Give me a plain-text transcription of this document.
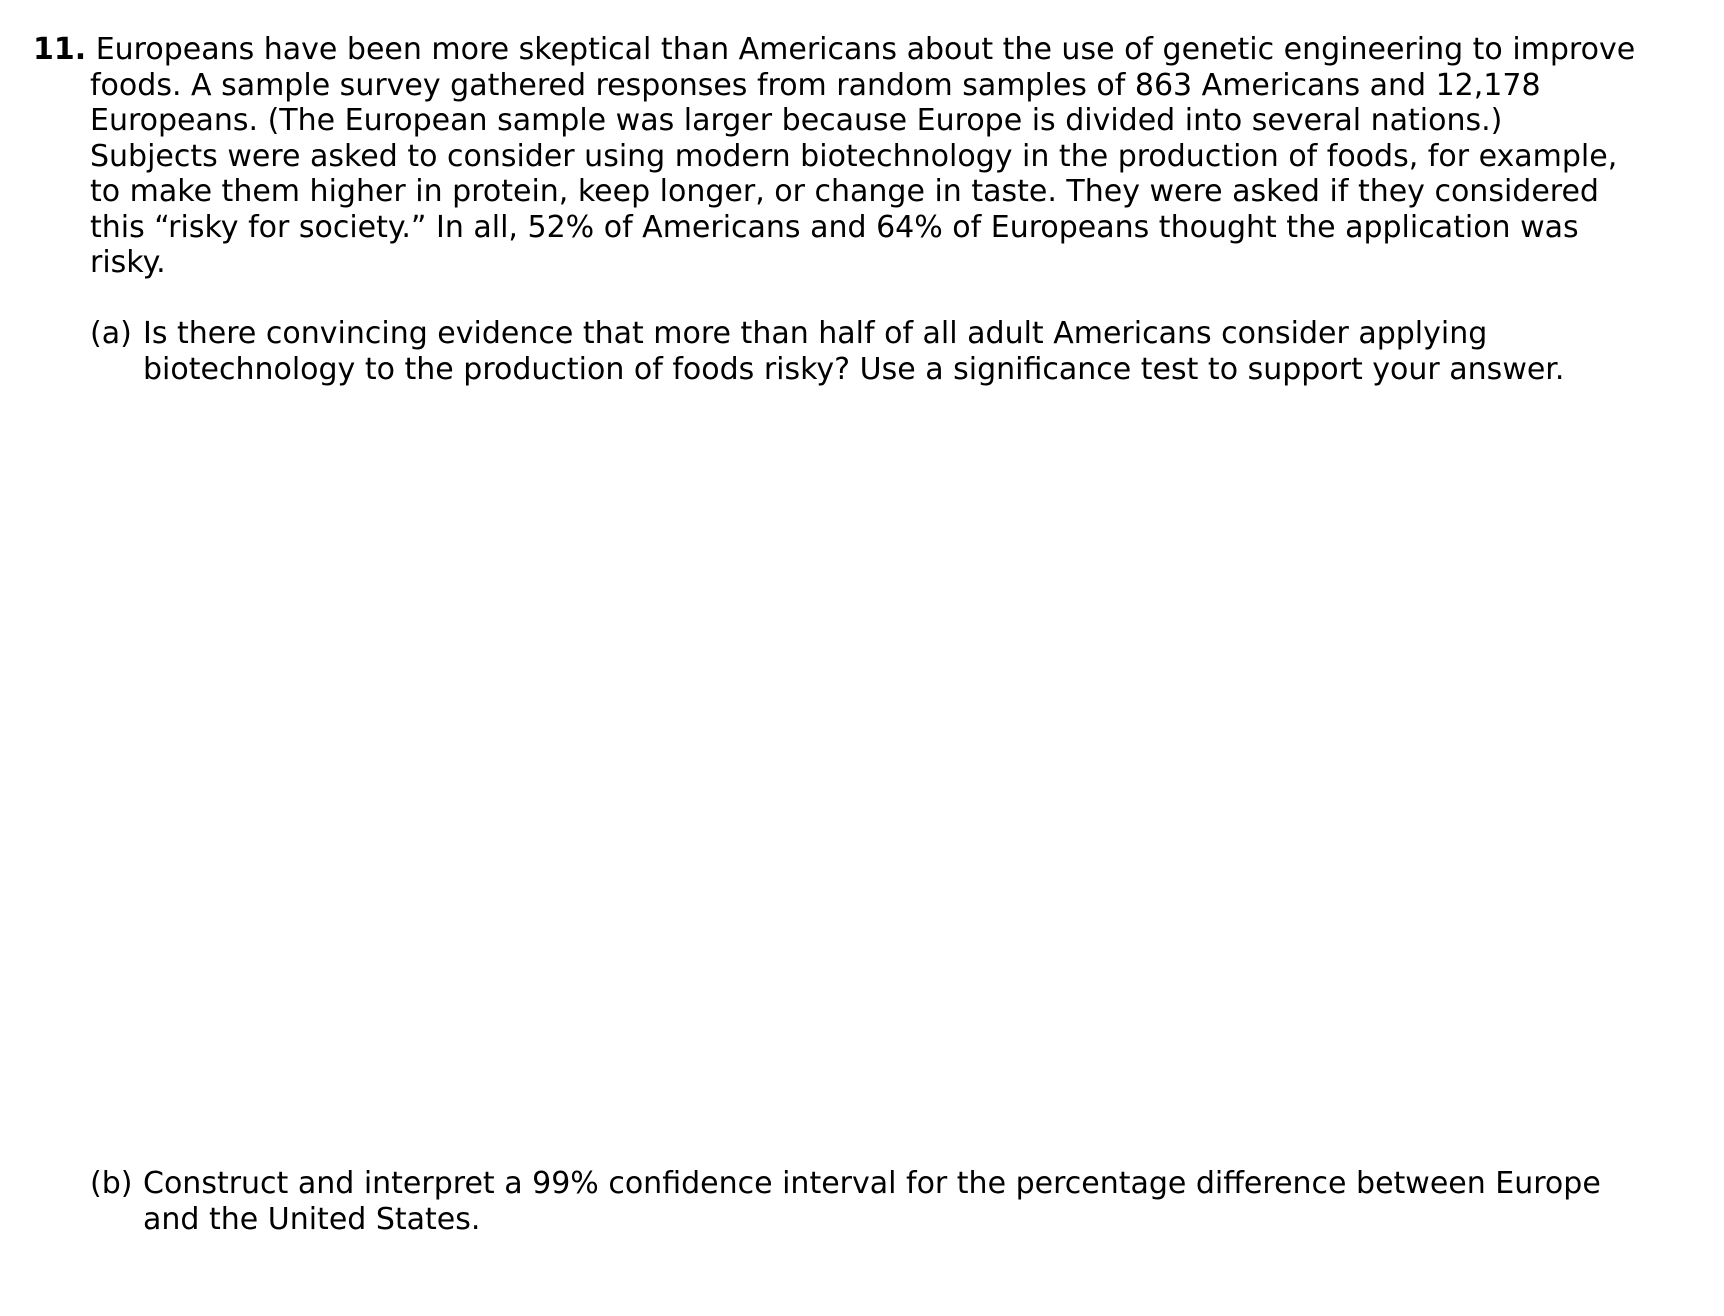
11. Europeans have been more skeptical than Americans about the use of genetic engineering to improve
foods. A sample survey gathered responses from random samples of 863 Americans and 12,178
Europeans. (The European sample was larger because Europe is divided into several nations.)
Subjects were asked to consider using modern biotechnology in the production of foods, for example,
to make them higher in protein, keep longer, or change in taste. They were asked if they considered
this “risky for society.” In all, 52% of Americans and 64% of Europeans thought the application was
risky.

(a) Is there convincing evidence that more than half of all adult Americans consider applying
biotechnology to the production of foods risky? Use a significance test to support your answer.

(b) Construct and interpret a 99% confidence interval for the percentage difference between Europe
and the United States.
